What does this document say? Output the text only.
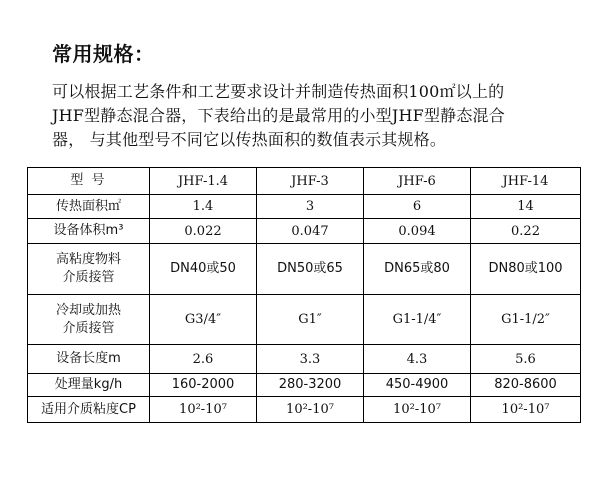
常用规格：

可以根据工艺条件和工艺要求设计并制造传热面积100㎡以上的

JHF型静态混合器，下表给出的是最常用的小型JHF型静态混合

器， 与其他型号不同它以传热面积的数值表示其规格。

型 号	JHF-1.4	JHF-3	JHF-6	JHF-14
传热面积㎡	1.4	3	6	14
设备体积m³	0.022	0.047	0.094	0.22

高粘度物料
介质接管	DN40或50	DN50或65	DN65或80	DN80或100

冷却或加热
介质接管	G3/4″	G1″	G1-1/4″	G1-1/2″
设备长度m	2.6	3.3	4.3	5.6
处理量kg/h	160-2000	280-3200	450-4900	820-8600
适用介质粘度CP	10²-10⁷	10²-10⁷	10²-10⁷	10²-10⁷
